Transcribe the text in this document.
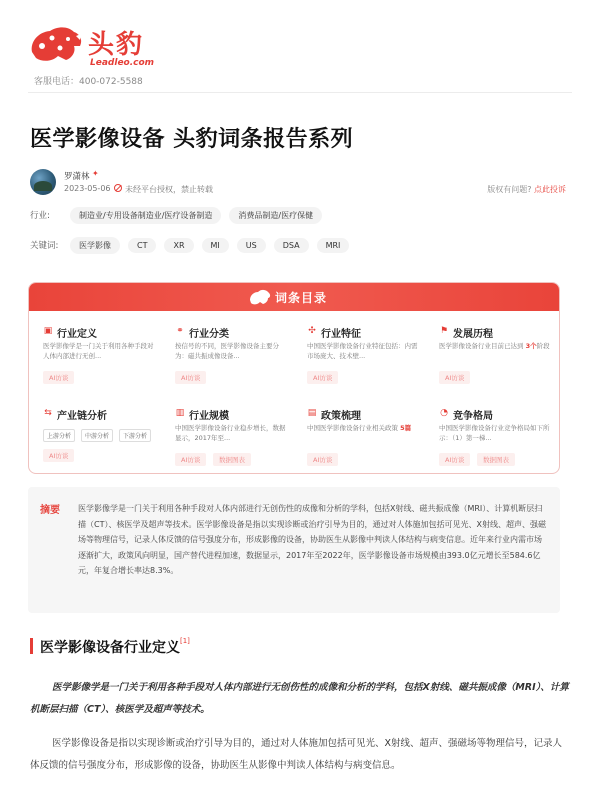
头豹
Leadleo.com
客服电话：400-072-5588
医学影像设备 头豹词条报告系列
罗潇林 ✦
2023-05-06 未经平台授权，禁止转载	版权有问题? 点此投诉
行业:	制造业/专用设备制造业/医疗设备制造	消费品制造/医疗保健
关键词:	医学影像	CT	XR	MI	US	DSA	MRI
词条目录
▣ 行业定义
医学影像学是一门关于利用各种手段对人体内部进行无创...
AI访谈
⚭ 行业分类
按信号的不同，医学影像设备主要分为：磁共振成像设备...
AI访谈
✣ 行业特征
中国医学影像设备行业特征包括：内需市场庞大、技术壁...
AI访谈
⚑ 发展历程
医学影像设备行业目前已达到 3个阶段
AI访谈
⇆ 产业链分析
上游分析	中游分析	下游分析
AI访谈
▥ 行业规模
中国医学影像设备行业稳步增长，数据显示，2017年至...
AI访谈	数据图表
▤ 政策梳理
中国医学影像设备行业相关政策 5篇
AI访谈
◔ 竞争格局
中国医学影像设备行业竞争格局如下所示：（1）第一梯...
AI访谈	数据图表
摘要 医学影像学是一门关于利用各种手段对人体内部进行无创伤性的成像和分析的学科，包括X射线、磁共振成像（MRI）、计算机断层扫描（CT）、核医学及超声等技术。医学影像设备是指以实现诊断或治疗引导为目的，通过对人体施加包括可见光、X射线、超声、强磁场等物理信号，记录人体反馈的信号强度分布，形成影像的设备，协助医生从影像中判读人体结构与病变信息。近年来行业内需市场逐渐扩大，政策风向明显，国产替代进程加速，数据显示，2017年至2022年，医学影像设备市场规模由393.0亿元增长至584.6亿元，年复合增长率达8.3%。
医学影像设备行业定义[1]

医学影像学是一门关于利用各种手段对人体内部进行无创伤性的成像和分析的学科，包括X射线、磁共振成像（MRI）、计算机断层扫描（CT）、核医学及超声等技术。

医学影像设备是指以实现诊断或治疗引导为目的，通过对人体施加包括可见光、X射线、超声、强磁场等物理信号，记录人体反馈的信号强度分布，形成影像的设备，协助医生从影像中判读人体结构与病变信息。
